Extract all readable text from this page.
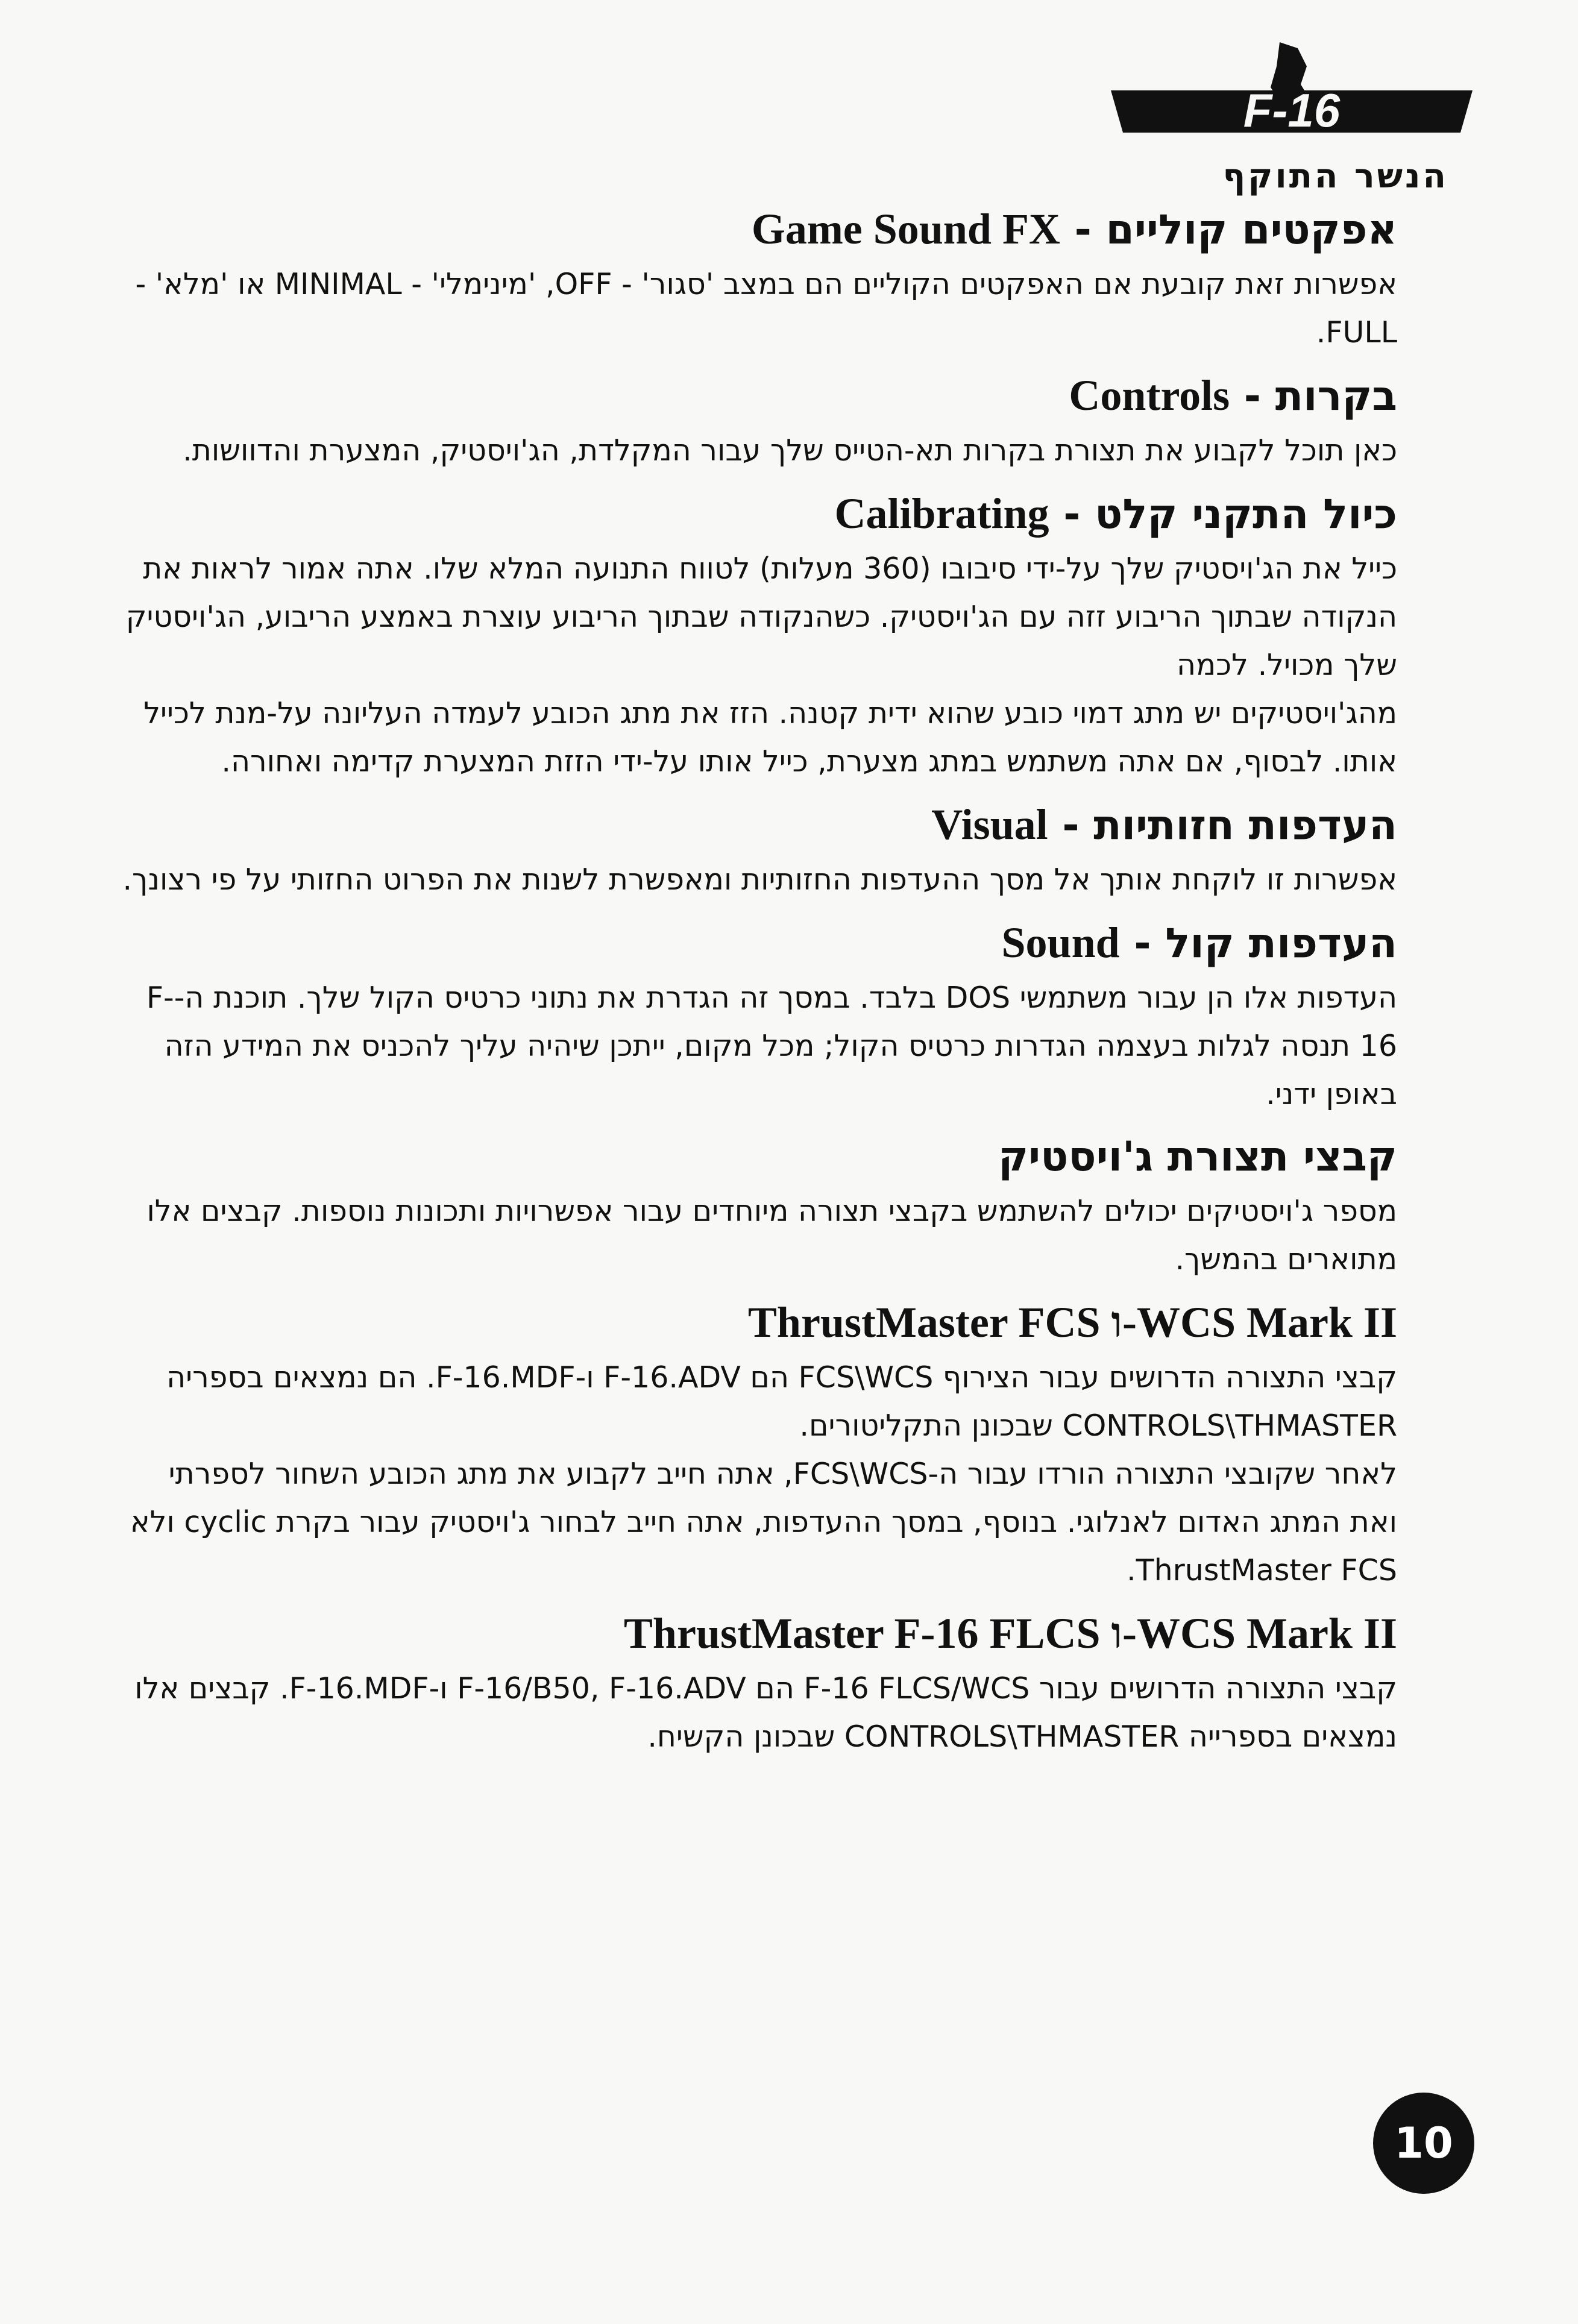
F-16
הנשר התוקף
אפקטים קוליים - Game Sound FX

אפשרות זאת קובעת אם האפקטים הקוליים הם במצב 'סגור' - OFF, 'מינימלי' - MINIMAL או 'מלא' - FULL.

בקרות - Controls

כאן תוכל לקבוע את תצורת בקרות תא-הטייס שלך עבור המקלדת, הג'ויסטיק, המצערת והדוושות.

כיול התקני קלט - Calibrating

כייל את הג'ויסטיק שלך על-ידי סיבובו (360 מעלות) לטווח התנועה המלא שלו. אתה אמור לראות את הנקודה שבתוך הריבוע זזה עם הג'ויסטיק. כשהנקודה שבתוך הריבוע עוצרת באמצע הריבוע, הג'ויסטיק שלך מכויל. לכמה

מהג'ויסטיקים יש מתג דמוי כובע שהוא ידית קטנה. הזז את מתג הכובע לעמדה העליונה על-מנת לכייל אותו. לבסוף, אם אתה משתמש במתג מצערת, כייל אותו על-ידי הזזת המצערת קדימה ואחורה.

העדפות חזותיות - Visual

אפשרות זו לוקחת אותך אל מסך ההעדפות החזותיות ומאפשרת לשנות את הפרוט החזותי על פי רצונך.

העדפות קול - Sound

העדפות אלו הן עבור משתמשי DOS בלבד. במסך זה הגדרת את נתוני כרטיס הקול שלך. תוכנת ה-F-16 תנסה לגלות בעצמה הגדרות כרטיס הקול; מכל מקום, ייתכן שיהיה עליך להכניס את המידע הזה באופן ידני.

קבצי תצורת ג'ויסטיק

מספר ג'ויסטיקים יכולים להשתמש בקבצי תצורה מיוחדים עבור אפשרויות ותכונות נוספות. קבצים אלו מתוארים בהמשך.

WCS Mark II-ו ThrustMaster FCS

קבצי התצורה הדרושים עבור הצירוף FCS\WCS הם F-16.ADV ו-F-16.MDF. הם נמצאים בספריה CONTROLS\THMASTER שבכונן התקליטורים.

לאחר שקובצי התצורה הורדו עבור ה-FCS\WCS, אתה חייב לקבוע את מתג הכובע השחור לספרתי ואת המתג האדום לאנלוגי. בנוסף, במסך ההעדפות, אתה חייב לבחור ג'ויסטיק עבור בקרת cyclic ולא ThrustMaster FCS.

WCS Mark II-ו ThrustMaster F-16 FLCS

קבצי התצורה הדרושים עבור F-16 FLCS/WCS הם F-16/B50, F-16.ADV ו-F-16.MDF. קבצים אלו נמצאים בספרייה CONTROLS\THMASTER שבכונן הקשיח.

10
